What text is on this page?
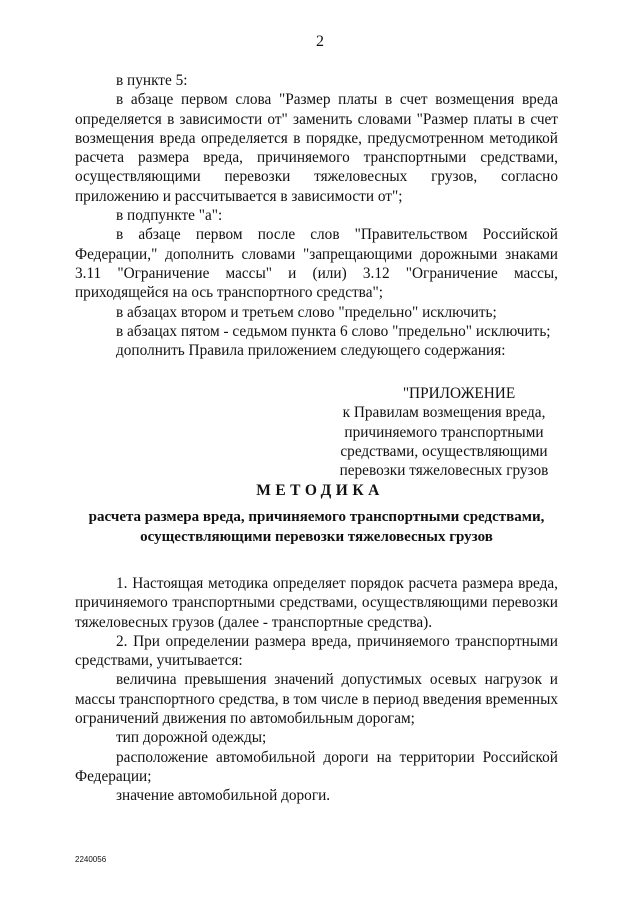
2

в пункте 5:

в абзаце первом слова "Размер платы в счет возмещения вреда определяется в зависимости от" заменить словами "Размер платы в счет возмещения вреда определяется в порядке, предусмотренном методикой расчета размера вреда, причиняемого транспортными средствами, осуществляющими перевозки тяжеловесных грузов, согласно приложению и рассчитывается в зависимости от";

в подпункте "а":

в абзаце первом после слов "Правительством Российской Федерации," дополнить словами "запрещающими дорожными знаками 3.11 "Ограничение массы" и (или) 3.12 "Ограничение массы, приходящейся на ось транспортного средства";

в абзацах втором и третьем слово "предельно" исключить;

в абзацах пятом - седьмом пункта 6 слово "предельно" исключить;

дополнить Правила приложением следующего содержания:

"ПРИЛОЖЕНИЕ
к Правилам возмещения вреда,
причиняемого транспортными
средствами, осуществляющими
перевозки тяжеловесных грузов
МЕТОДИКА
расчета размера вреда, причиняемого транспортными средствами, осуществляющими перевозки тяжеловесных грузов

1. Настоящая методика определяет порядок расчета размера вреда, причиняемого транспортными средствами, осуществляющими перевозки тяжеловесных грузов (далее - транспортные средства).

2. При определении размера вреда, причиняемого транспортными средствами, учитывается:

величина превышения значений допустимых осевых нагрузок и массы транспортного средства, в том числе в период введения временных ограничений движения по автомобильным дорогам;

тип дорожной одежды;

расположение автомобильной дороги на территории Российской Федерации;

значение автомобильной дороги.

2240056
